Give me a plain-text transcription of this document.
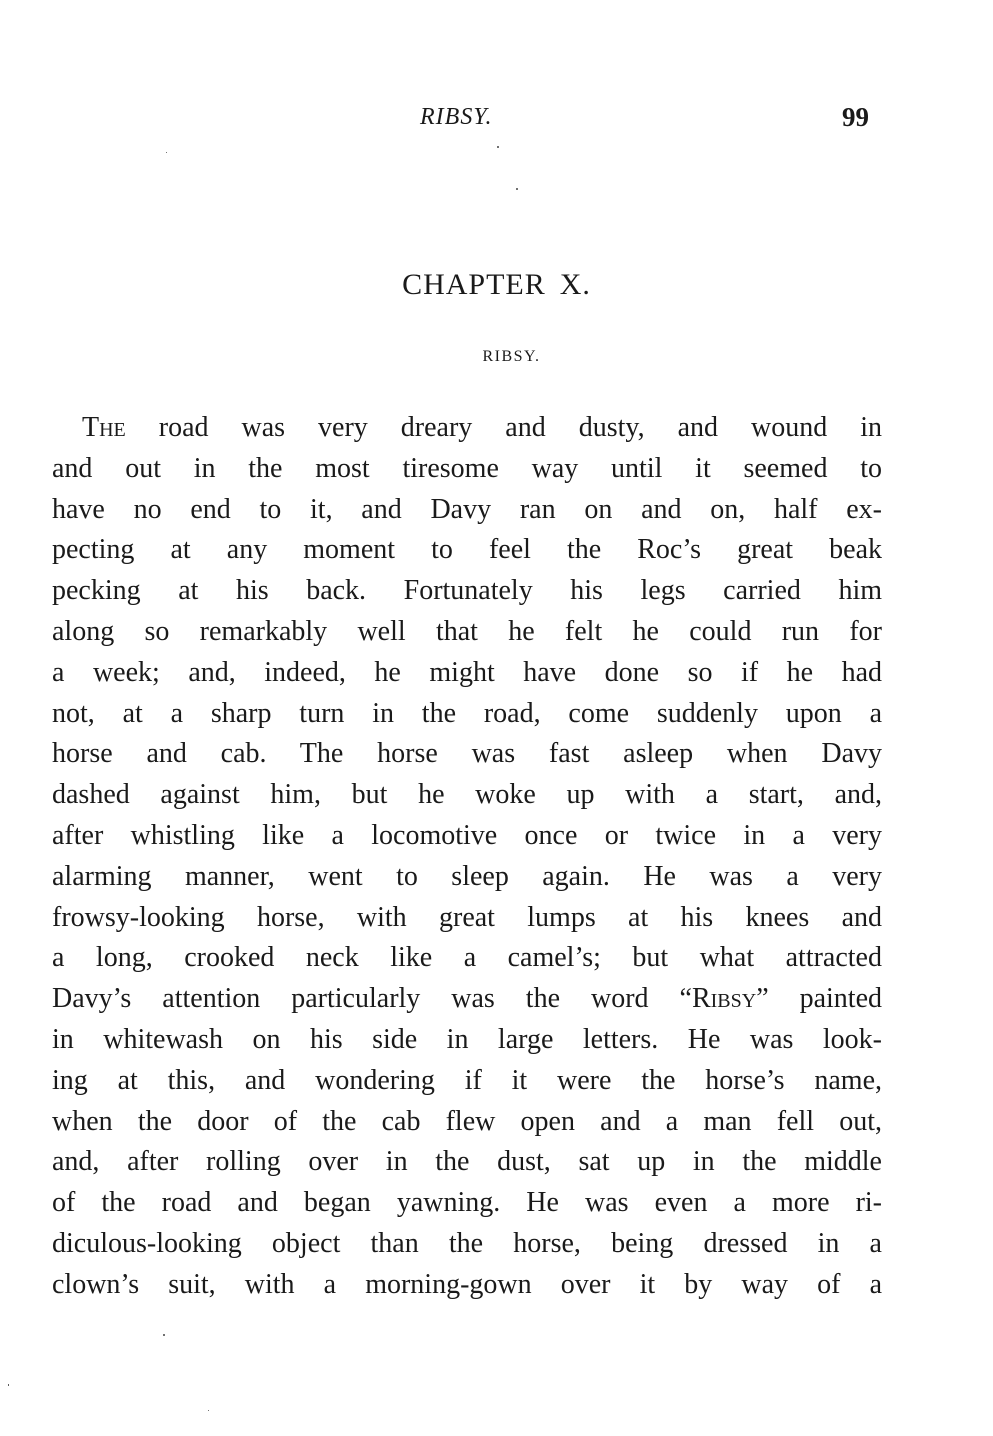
RIBSY.	99
CHAPTER X.
RIBSY.
The road was very dreary and dusty, and wound in
and out in the most tiresome way until it seemed to
have no end to it, and Davy ran on and on, half ex-
pecting at any moment to feel the Roc’s great beak
pecking at his back. Fortunately his legs carried him
along so remarkably well that he felt he could run for
a week; and, indeed, he might have done so if he had
not, at a sharp turn in the road, come suddenly upon a
horse and cab. The horse was fast asleep when Davy
dashed against him, but he woke up with a start, and,
after whistling like a locomotive once or twice in a very
alarming manner, went to sleep again. He was a very
frowsy-looking horse, with great lumps at his knees and
a long, crooked neck like a camel’s; but what attracted
Davy’s attention particularly was the word “Ribsy” painted
in whitewash on his side in large letters. He was look-
ing at this, and wondering if it were the horse’s name,
when the door of the cab flew open and a man fell out,
and, after rolling over in the dust, sat up in the middle
of the road and began yawning. He was even a more ri-
diculous-looking object than the horse, being dressed in a
clown’s suit, with a morning-gown over it by way of a
